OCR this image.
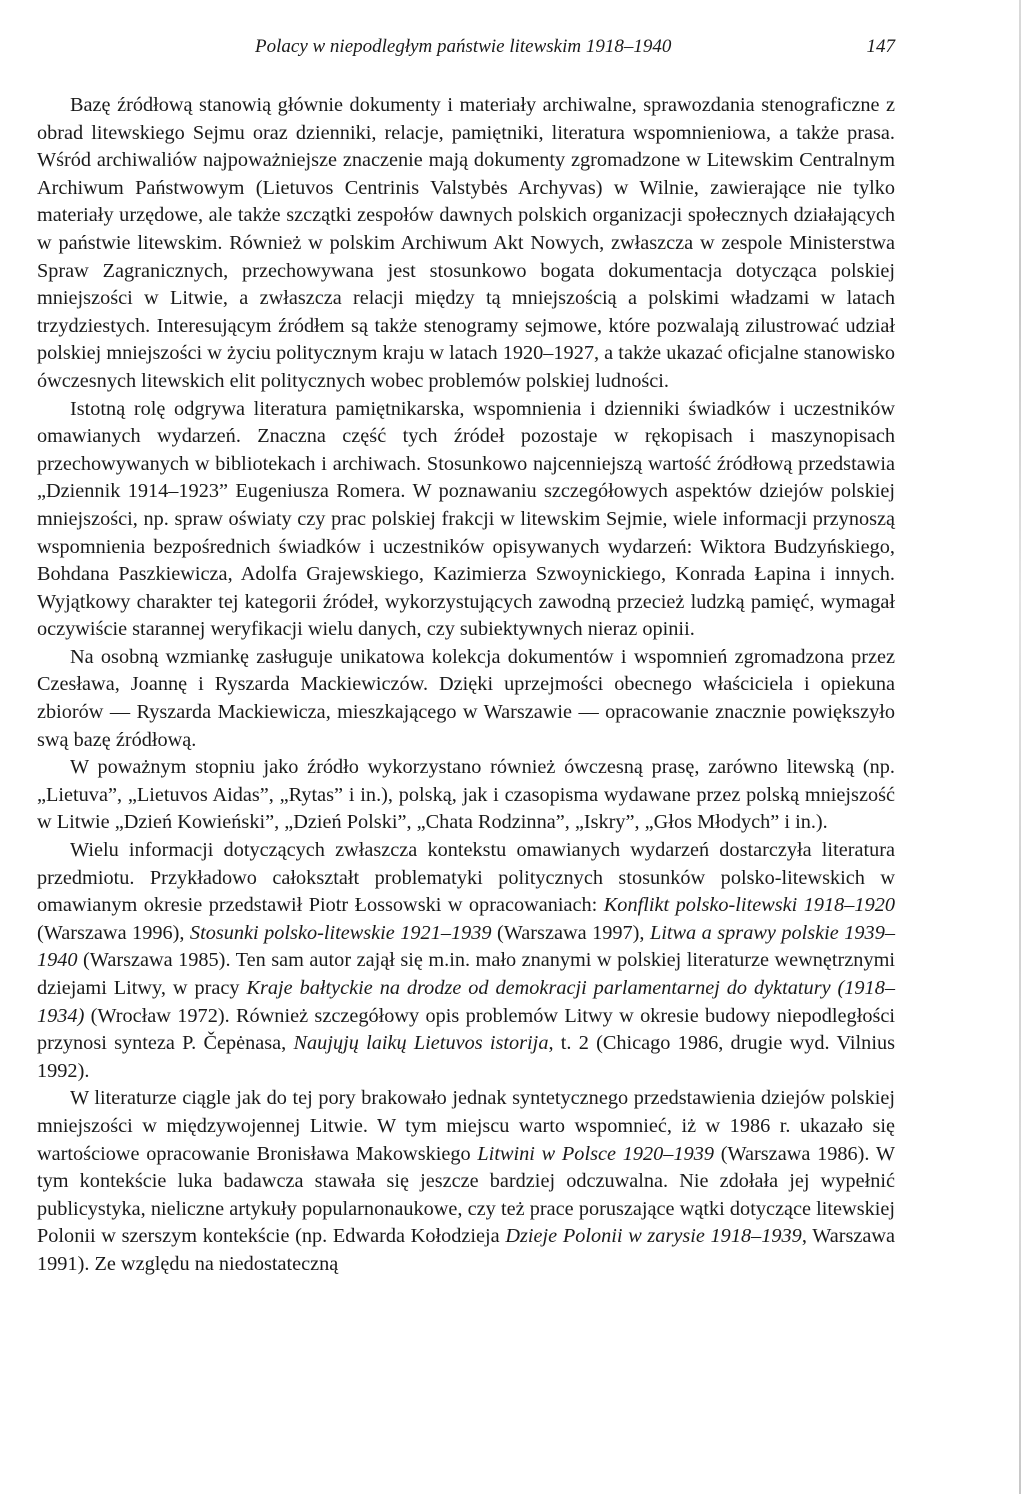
Polacy w niepodległym państwie litewskim 1918–1940	147

Bazę źródłową stanowią głównie dokumenty i materiały archiwalne, sprawozdania stenograficzne z obrad litewskiego Sejmu oraz dzienniki, relacje, pamiętniki, literatura wspomnieniowa, a także prasa. Wśród archiwaliów najpoważniejsze znaczenie mają dokumenty zgromadzone w Litewskim Centralnym Archiwum Państwowym (Lietuvos Centrinis Valstybės Archyvas) w Wilnie, zawierające nie tylko materiały urzędowe, ale także szczątki zespołów dawnych polskich organizacji społecznych działających w państwie litewskim. Również w polskim Archiwum Akt Nowych, zwłaszcza w zespole Ministerstwa Spraw Zagranicznych, przechowywana jest stosunkowo bogata dokumentacja dotycząca polskiej mniejszości w Litwie, a zwłaszcza relacji między tą mniejszością a polskimi władzami w latach trzydziestych. Interesującym źródłem są także stenogramy sejmowe, które pozwalają zilustrować udział polskiej mniejszości w życiu politycznym kraju w latach 1920–1927, a także ukazać oficjalne stanowisko ówczesnych litewskich elit politycznych wobec problemów polskiej ludności.

Istotną rolę odgrywa literatura pamiętnikarska, wspomnienia i dzienniki świadków i uczestników omawianych wydarzeń. Znaczna część tych źródeł pozostaje w rękopisach i maszynopisach przechowywanych w bibliotekach i archiwach. Stosunkowo najcenniejszą wartość źródłową przedstawia „Dziennik 1914–1923” Eugeniusza Romera. W poznawaniu szczegółowych aspektów dziejów polskiej mniejszości, np. spraw oświaty czy prac polskiej frakcji w litewskim Sejmie, wiele informacji przynoszą wspomnienia bezpośrednich świadków i uczestników opisywanych wydarzeń: Wiktora Budzyńskiego, Bohdana Paszkiewicza, Adolfa Grajewskiego, Kazimierza Szwoynickiego, Konrada Łapina i innych. Wyjątkowy charakter tej kategorii źródeł, wykorzystujących zawodną przecież ludzką pamięć, wymagał oczywiście starannej weryfikacji wielu danych, czy subiektywnych nieraz opinii.

Na osobną wzmiankę zasługuje unikatowa kolekcja dokumentów i wspomnień zgromadzona przez Czesława, Joannę i Ryszarda Mackiewiczów. Dzięki uprzejmości obecnego właściciela i opiekuna zbiorów — Ryszarda Mackiewicza, mieszkającego w Warszawie — opracowanie znacznie powiększyło swą bazę źródłową.

W poważnym stopniu jako źródło wykorzystano również ówczesną prasę, zarówno litewską (np. „Lietuva”, „Lietuvos Aidas”, „Rytas” i in.), polską, jak i czasopisma wydawane przez polską mniejszość w Litwie „Dzień Kowieński”, „Dzień Polski”, „Chata Rodzinna”, „Iskry”, „Głos Młodych” i in.).

Wielu informacji dotyczących zwłaszcza kontekstu omawianych wydarzeń dostarczyła literatura przedmiotu. Przykładowo całokształt problematyki politycznych stosunków polsko-litewskich w omawianym okresie przedstawił Piotr Łossowski w opracowaniach: Konflikt polsko-litewski 1918–1920 (Warszawa 1996), Stosunki polsko-litewskie 1921–1939 (Warszawa 1997), Litwa a sprawy polskie 1939–1940 (Warszawa 1985). Ten sam autor zajął się m.in. mało znanymi w polskiej literaturze wewnętrznymi dziejami Litwy, w pracy Kraje bałtyckie na drodze od demokracji parlamentarnej do dyktatury (1918–1934) (Wrocław 1972). Również szczegółowy opis problemów Litwy w okresie budowy niepodległości przynosi synteza P. Čepėnasa, Naujųjų laikų Lietuvos istorija, t. 2 (Chicago 1986, drugie wyd. Vilnius 1992).

W literaturze ciągle jak do tej pory brakowało jednak syntetycznego przedstawienia dziejów polskiej mniejszości w międzywojennej Litwie. W tym miejscu warto wspomnieć, iż w 1986 r. ukazało się wartościowe opracowanie Bronisława Makowskiego Litwini w Polsce 1920–1939 (Warszawa 1986). W tym kontekście luka badawcza stawała się jeszcze bardziej odczuwalna. Nie zdołała jej wypełnić publicystyka, nieliczne artykuły popularnonaukowe, czy też prace poruszające wątki dotyczące litewskiej Polonii w szerszym kontekście (np. Edwarda Kołodzieja Dzieje Polonii w zarysie 1918–1939, Warszawa 1991). Ze względu na niedostateczną
